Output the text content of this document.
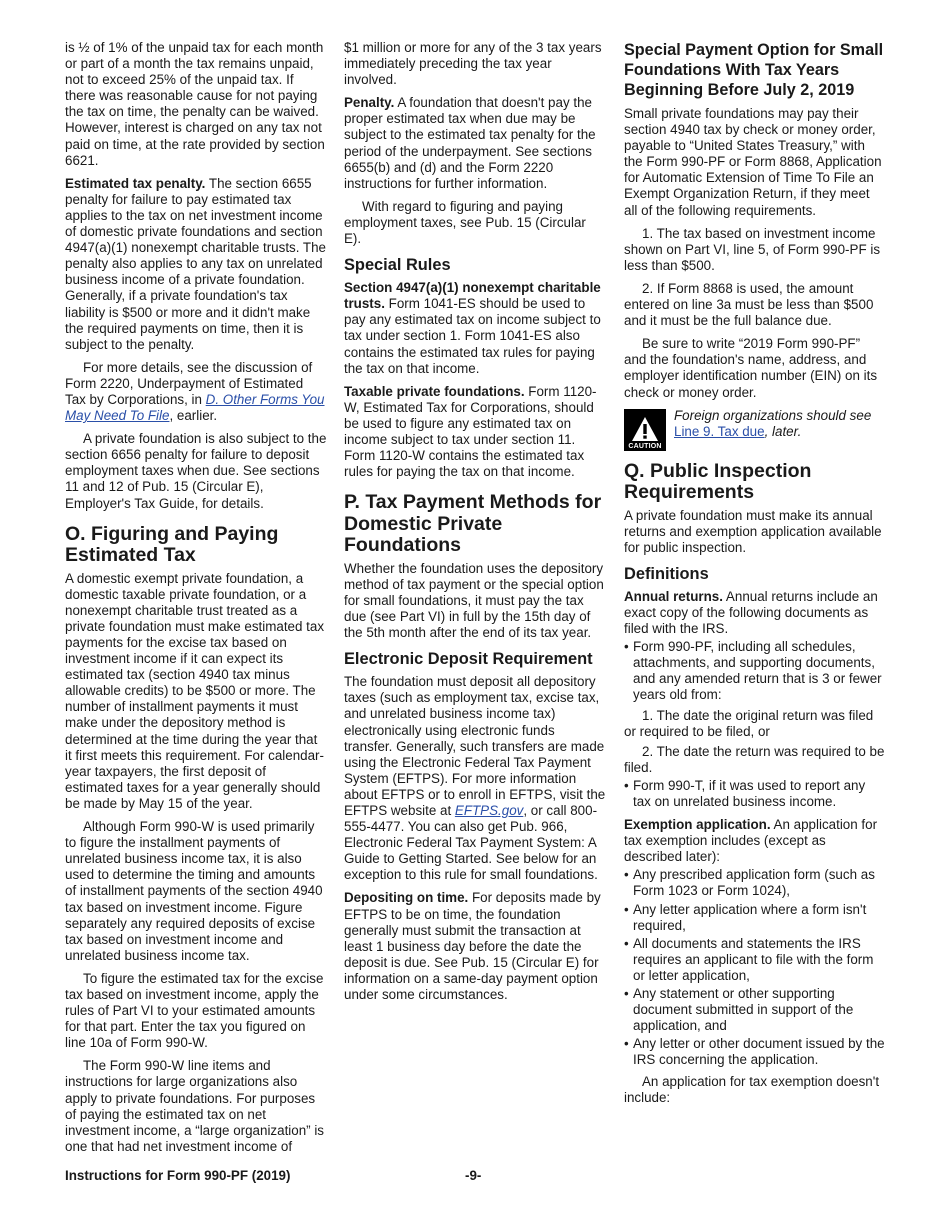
is ½ of 1% of the unpaid tax for each month or part of a month the tax remains unpaid, not to exceed 25% of the unpaid tax. If there was reasonable cause for not paying the tax on time, the penalty can be waived. However, interest is charged on any tax not paid on time, at the rate provided by section 6621.

Estimated tax penalty. The section 6655 penalty for failure to pay estimated tax applies to the tax on net investment income of domestic private foundations and section 4947(a)(1) nonexempt charitable trusts. The penalty also applies to any tax on unrelated business income of a private foundation. Generally, if a private foundation's tax liability is $500 or more and it didn't make the required payments on time, then it is subject to the penalty.

For more details, see the discussion of Form 2220, Underpayment of Estimated Tax by Corporations, in D. Other Forms You May Need To File, earlier.

A private foundation is also subject to the section 6656 penalty for failure to deposit employment taxes when due. See sections 11 and 12 of Pub. 15 (Circular E), Employer's Tax Guide, for details.

O. Figuring and Paying Estimated Tax

A domestic exempt private foundation, a domestic taxable private foundation, or a nonexempt charitable trust treated as a private foundation must make estimated tax payments for the excise tax based on investment income if it can expect its estimated tax (section 4940 tax minus allowable credits) to be $500 or more. The number of installment payments it must make under the depository method is determined at the time during the year that it first meets this requirement. For calendar-year taxpayers, the first deposit of estimated taxes for a year generally should be made by May 15 of the year.

Although Form 990-W is used primarily to figure the installment payments of unrelated business income tax, it is also used to determine the timing and amounts of installment payments of the section 4940 tax based on investment income. Figure separately any required deposits of excise tax based on investment income and unrelated business income tax.

To figure the estimated tax for the excise tax based on investment income, apply the rules of Part VI to your estimated amounts for that part. Enter the tax you figured on line 10a of Form 990-W.

The Form 990-W line items and instructions for large organizations also apply to private foundations. For purposes of paying the estimated tax on net investment income, a “large organization” is one that had net investment income of

$1 million or more for any of the 3 tax years immediately preceding the tax year involved.

Penalty. A foundation that doesn't pay the proper estimated tax when due may be subject to the estimated tax penalty for the period of the underpayment. See sections 6655(b) and (d) and the Form 2220 instructions for further information.

With regard to figuring and paying employment taxes, see Pub. 15 (Circular E).

Special Rules

Section 4947(a)(1) nonexempt charitable trusts. Form 1041-ES should be used to pay any estimated tax on income subject to tax under section 1. Form 1041-ES also contains the estimated tax rules for paying the tax on that income.

Taxable private foundations. Form 1120-W, Estimated Tax for Corporations, should be used to figure any estimated tax on income subject to tax under section 11. Form 1120-W contains the estimated tax rules for paying the tax on that income.

P. Tax Payment Methods for Domestic Private Foundations

Whether the foundation uses the depository method of tax payment or the special option for small foundations, it must pay the tax due (see Part VI) in full by the 15th day of the 5th month after the end of its tax year.

Electronic Deposit Requirement

The foundation must deposit all depository taxes (such as employment tax, excise tax, and unrelated business income tax) electronically using electronic funds transfer. Generally, such transfers are made using the Electronic Federal Tax Payment System (EFTPS). For more information about EFTPS or to enroll in EFTPS, visit the EFTPS website at EFTPS.gov, or call 800-555-4477. You can also get Pub. 966, Electronic Federal Tax Payment System: A Guide to Getting Started. See below for an exception to this rule for small foundations.

Depositing on time. For deposits made by EFTPS to be on time, the foundation generally must submit the transaction at least 1 business day before the date the deposit is due. See Pub. 15 (Circular E) for information on a same-day payment option under some circumstances.

Special Payment Option for Small Foundations With Tax Years Beginning Before July 2, 2019

Small private foundations may pay their section 4940 tax by check or money order, payable to “United States Treasury,” with the Form 990-PF or Form 8868, Application for Automatic Extension of Time To File an Exempt Organization Return, if they meet all of the following requirements.

1. The tax based on investment income shown on Part VI, line 5, of Form 990-PF is less than $500.

2. If Form 8868 is used, the amount entered on line 3a must be less than $500 and it must be the full balance due.

Be sure to write “2019 Form 990-PF” and the foundation's name, address, and employer identification number (EIN) on its check or money order.

CAUTION
Foreign organizations should see Line 9. Tax due, later.
Q. Public Inspection Requirements

A private foundation must make its annual returns and exemption application available for public inspection.

Definitions

Annual returns. Annual returns include an exact copy of the following documents as filed with the IRS.

• Form 990-PF, including all schedules, attachments, and supporting documents, and any amended return that is 3 or fewer years old from:

1. The date the original return was filed or required to be filed, or

2. The date the return was required to be filed.

• Form 990-T, if it was used to report any tax on unrelated business income.

Exemption application. An application for tax exemption includes (except as described later):

• Any prescribed application form (such as Form 1023 or Form 1024),
• Any letter application where a form isn't required,
• All documents and statements the IRS requires an applicant to file with the form or letter application,
• Any statement or other supporting document submitted in support of the application, and
• Any letter or other document issued by the IRS concerning the application.

An application for tax exemption doesn't include:

Instructions for Form 990-PF (2019)	-9-
